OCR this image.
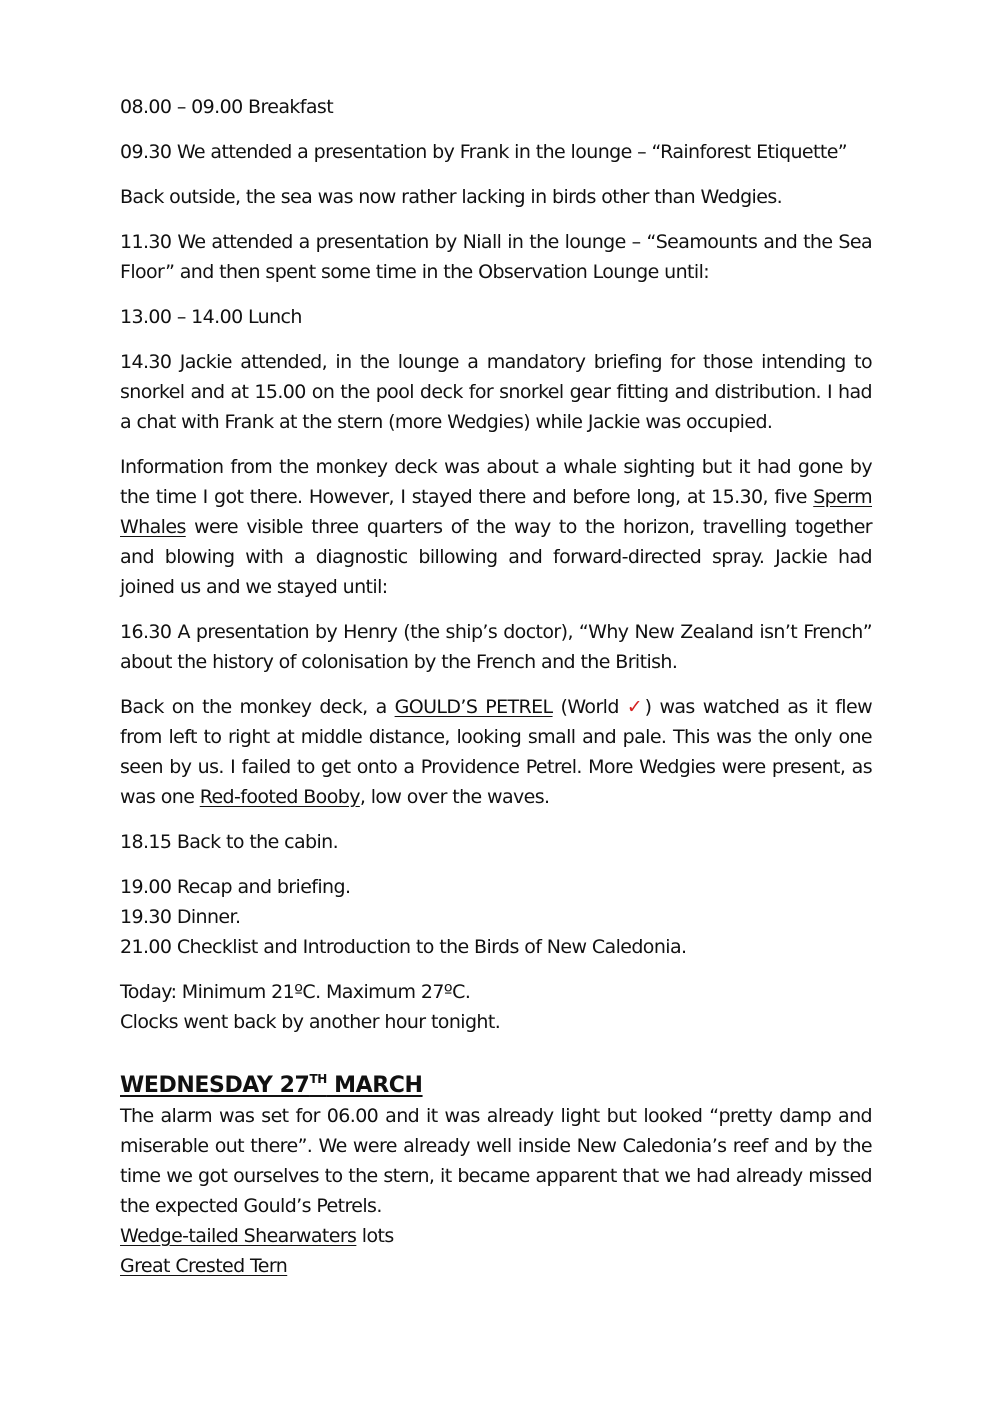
08.00 – 09.00 Breakfast

09.30 We attended a presentation by Frank in the lounge – “Rainforest Etiquette”

Back outside, the sea was now rather lacking in birds other than Wedgies.

11.30 We attended a presentation by Niall in the lounge – “Seamounts and the Sea Floor” and then spent some time in the Observation Lounge until:

13.00 – 14.00 Lunch

14.30 Jackie attended, in the lounge a mandatory briefing for those intending to snorkel and at 15.00 on the pool deck for snorkel gear fitting and distribution. I had a chat with Frank at the stern (more Wedgies) while Jackie was occupied.

Information from the monkey deck was about a whale sighting but it had gone by the time I got there. However, I stayed there and before long, at 15.30, five Sperm Whales were visible three quarters of the way to the horizon, travelling together and blowing with a diagnostic billowing and forward-directed spray. Jackie had joined us and we stayed until:

16.30 A presentation by Henry (the ship’s doctor), “Why New Zealand isn’t French” about the history of colonisation by the French and the British.

Back on the monkey deck, a GOULD’S PETREL (World ✓) was watched as it flew from left to right at middle distance, looking small and pale. This was the only one seen by us. I failed to get onto a Providence Petrel. More Wedgies were present, as was one Red-footed Booby, low over the waves.

18.15 Back to the cabin.

19.00 Recap and briefing.
19.30 Dinner.
21.00 Checklist and Introduction to the Birds of New Caledonia.

Today: Minimum 21ºC. Maximum 27ºC.
Clocks went back by another hour tonight.

WEDNESDAY 27TH MARCH

The alarm was set for 06.00 and it was already light but looked “pretty damp and miserable out there”. We were already well inside New Caledonia’s reef and by the time we got ourselves to the stern, it became apparent that we had already missed the expected Gould’s Petrels.

Wedge-tailed Shearwaters lots
Great Crested Tern
